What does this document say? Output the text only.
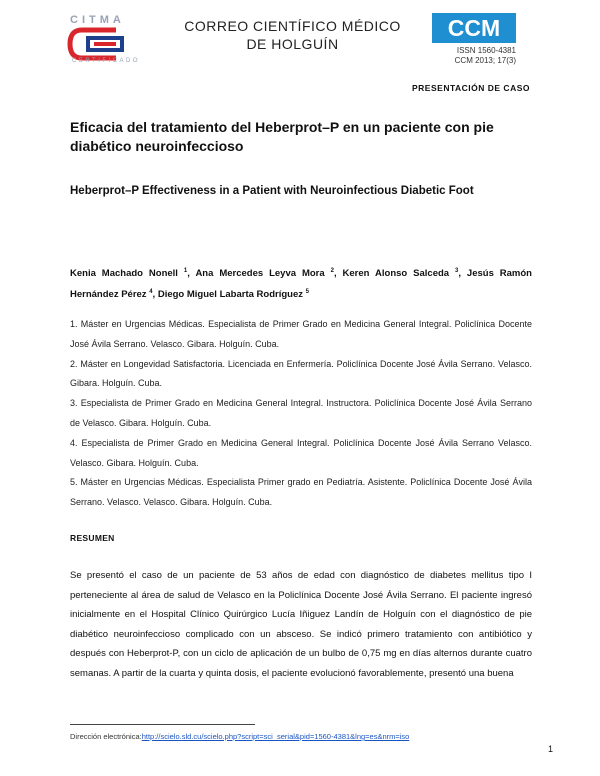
CITMA
CERTIFICADO
CORREO CIENTÍFICO MÉDICO
DE HOLGUÍN
CCM
ISSN 1560-4381
CCM 2013; 17(3)
PRESENTACIÓN DE CASO
Eficacia del tratamiento del Heberprot–P en un paciente con pie diabético neuroinfeccioso
Heberprot–P Effectiveness in a Patient with Neuroinfectious Diabetic Foot
Kenia Machado Nonell $^1$, Ana Mercedes Leyva Mora $^2$, Keren Alonso Salceda $^3$, Jesús Ramón Hernández Pérez $^4$, Diego Miguel Labarta Rodríguez $^5$

1. Máster en Urgencias Médicas. Especialista de Primer Grado en Medicina General Integral. Policlínica Docente José Ávila Serrano. Velasco. Gibara. Holguín. Cuba.

2. Máster en Longevidad Satisfactoria. Licenciada en Enfermería. Policlínica Docente José Ávila Serrano. Velasco. Gibara. Holguín. Cuba.

3. Especialista de Primer Grado en Medicina General Integral. Instructora. Policlínica Docente José Ávila Serrano de Velasco. Gibara. Holguín. Cuba.

4. Especialista de Primer Grado en Medicina General Integral. Policlínica Docente José Ávila Serrano Velasco. Velasco. Gibara. Holguín. Cuba.

5. Máster en Urgencias Médicas. Especialista Primer grado en Pediatría. Asistente. Policlínica Docente José Ávila Serrano. Velasco. Velasco. Gibara. Holguín. Cuba.

RESUMEN
Se presentó el caso de un paciente de 53 años de edad con diagnóstico de diabetes mellitus tipo I perteneciente al área de salud de Velasco en la Policlínica Docente José Ávila Serrano. El paciente ingresó inicialmente en el Hospital Clínico Quirúrgico Lucía Iñiguez Landín de Holguín con el diagnóstico de pie diabético neuroinfeccioso complicado con un absceso. Se indicó primero tratamiento con antibiótico y después con Heberprot-P, con un ciclo de aplicación de un bulbo de 0,75 mg en días alternos durante cuatro semanas. A partir de la cuarta y quinta dosis, el paciente evolucionó favorablemente, presentó una buena
Dirección electrónica:http://scielo.sld.cu/scielo.php?script=sci_serial&pid=1560-4381&lng=es&nrm=iso
1
